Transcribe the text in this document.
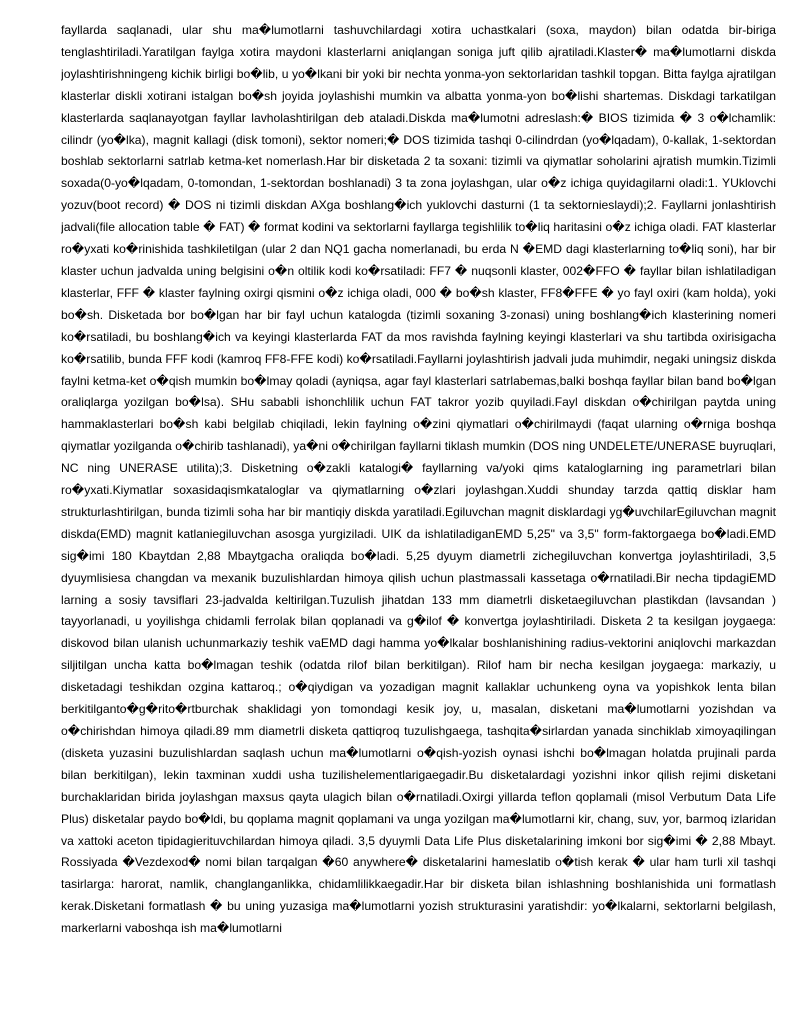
fayllarda saqlanadi, ular shu ma�lumotlarni tashuvchilardagi xotira uchastkalari (soxa, maydon) bilan odatda bir-biriga tenglashtiriladi.Yaratilgan faylga xotira maydoni klasterlarni aniqlangan soniga juft qilib ajratiladi.Klaster� ma�lumotlarni diskda joylashtirishningeng kichik birligi bo�lib, u yo�lkani bir yoki bir nechta yonma-yon sektorlaridan tashkil topgan. Bitta faylga ajratilgan klasterlar diskli xotirani istalgan bo�sh joyida joylashishi mumkin va albatta yonma-yon bo�lishi shartemas. Diskdagi tarkatilgan klasterlarda saqlanayotgan fayllar lavholashtirilgan deb ataladi.Diskda ma�lumotni adreslash:� BIOS tizimida � 3 o�lchamlik: cilindr (yo�lka), magnit kallagi (disk tomoni), sektor nomeri;� DOS tizimida tashqi 0-cilindrdan (yo�lqadam), 0-kallak, 1-sektordan boshlab sektorlarni satrlab ketma-ket nomerlash.Har bir disketada 2 ta soxani: tizimli va qiymatlar soholarini ajratish mumkin.Tizimli soxada(0-yo�lqadam, 0-tomondan, 1-sektordan boshlanadi) 3 ta zona joylashgan, ular o�z ichiga quyidagilarni oladi:1. YUklovchi yozuv(boot record) � DOS ni tizimli diskdan AXga boshlang�ich yuklovchi dasturni (1 ta sektornieslaydi);2. Fayllarni jonlashtirish jadvali(file allocation table � FAT) � format kodini va sektorlarni fayllarga tegishlilik to�liq haritasini o�z ichiga oladi. FAT klasterlar ro�yxati ko�rinishida tashkiletilgan (ular 2 dan NQ1 gacha nomerlanadi, bu erda N �EMD dagi klasterlarning to�liq soni), har bir klaster uchun jadvalda uning belgisini o�n oltilik kodi ko�rsatiladi: FF7 � nuqsonli klaster, 002�FFO � fayllar bilan ishlatiladigan klasterlar, FFF � klaster faylning oxirgi qismini o�z ichiga oladi, 000 � bo�sh klaster, FF8�FFE � yo fayl oxiri (kam holda), yoki bo�sh. Disketada bor bo�lgan har bir fayl uchun katalogda (tizimli soxaning 3-zonasi) uning boshlang�ich klasterining nomeri ko�rsatiladi, bu boshlang�ich va keyingi klasterlarda FAT da mos ravishda faylning keyingi klasterlari va shu tartibda oxirisigacha ko�rsatilib, bunda FFF kodi (kamroq FF8-FFE kodi) ko�rsatiladi.Fayllarni joylashtirish jadvali juda muhimdir, negaki uningsiz diskda faylni ketma-ket o�qish mumkin bo�lmay qoladi (ayniqsa, agar fayl klasterlari satrlabemas,balki boshqa fayllar bilan band bo�lgan oraliqlarga yozilgan bo�lsa). SHu sababli ishonchlilik uchun FAT takror yozib quyiladi.Fayl diskdan o�chirilgan paytda uning hammaklasterlari bo�sh kabi belgilab chiqiladi, lekin faylning o�zini qiymatlari o�chirilmaydi (faqat ularning o�rniga boshqa qiymatlar yozilganda o�chirib tashlanadi), ya�ni o�chirilgan fayllarni tiklash mumkin (DOS ning UNDELETE/UNERASE buyruqlari, NC ning UNERASE utilita);3. Disketning o�zakli katalogi� fayllarning va/yoki qims kataloglarning ing parametrlari bilan ro�yxati.Kiymatlar soxasidaqismkataloglar va qiymatlarning o�zlari joylashgan.Xuddi shunday tarzda qattiq disklar ham strukturlashtirilgan, bunda tizimli soha har bir mantiqiy diskda yaratiladi.Egiluvchan magnit disklardagi yg�uvchilarEgiluvchan magnit diskda(EMD) magnit katlaniegiluvchan asosga yurgiziladi. UIK da ishlatiladiganEMD 5,25" va 3,5" form-faktorgaega bo�ladi.EMD sig�imi 180 Kbaytdan 2,88 Mbaytgacha oraliqda bo�ladi. 5,25 dyuym diametrli zichegiluvchan konvertga joylashtiriladi, 3,5 dyuymlisiesa changdan va mexanik buzulishlardan himoya qilish uchun plastmassali kassetaga o�rnatiladi.Bir necha tipdagiEMD larning a sosiy tavsiflari 23-jadvalda keltirilgan.Tuzulish jihatdan 133 mm diametrli disketaegiluvchan plastikdan (lavsandan ) tayyorlanadi, u yoyilishga chidamli ferrolak bilan qoplanadi va g�ilof � konvertga joylashtiriladi. Disketa 2 ta kesilgan joygaega: diskovod bilan ulanish uchunmarkaziy teshik vaEMD dagi hamma yo�lkalar boshlanishining radius-vektorini aniqlovchi markazdan siljitilgan uncha katta bo�lmagan teshik (odatda rilof bilan berkitilgan). Rilof ham bir necha kesilgan joygaega: markaziy, u disketadagi teshikdan ozgina kattaroq.; o�qiydigan va yozadigan magnit kallaklar uchunkeng oyna va yopishkok lenta bilan berkitilganto�g�rito�rtburchak shaklidagi yon tomondagi kesik joy, u, masalan, disketani ma�lumotlarni yozishdan va o�chirishdan himoya qiladi.89 mm diametrli disketa qattiqroq tuzulishgaega, tashqita�sirlardan yanada sinchiklab ximoyaqilingan (disketa yuzasini buzulishlardan saqlash uchun ma�lumotlarni o�qish-yozish oynasi ishchi bo�lmagan holatda prujinali parda bilan berkitilgan), lekin taxminan xuddi usha tuzilishelementlarigaegadir.Bu disketalardagi yozishni inkor qilish rejimi disketani burchaklaridan birida joylashgan maxsus qayta ulagich bilan o�rnatiladi.Oxirgi yillarda teflon qoplamali (misol Verbutum Data Life Plus) disketalar paydo bo�ldi, bu qoplama magnit qoplamani va unga yozilgan ma�lumotlarni kir, chang, suv, yor, barmoq izlaridan va xattoki aceton tipidagierituvchilardan himoya qiladi. 3,5 dyuymli Data Life Plus disketalarining imkoni bor sig�imi � 2,88 Mbayt. Rossiyada �Vezdexod� nomi bilan tarqalgan �60 anywhere� disketalarini hameslatib o�tish kerak � ular ham turli xil tashqi tasirlarga: harorat, namlik, changlanganlikka, chidamlilikkaegadir.Har bir disketa bilan ishlashning boshlanishida uni formatlash kerak.Disketani formatlash � bu uning yuzasiga ma�lumotlarni yozish strukturasini yaratishdir: yo�lkalarni, sektorlarni belgilash, markerlarni vaboshqa ish ma�lumotlarni
